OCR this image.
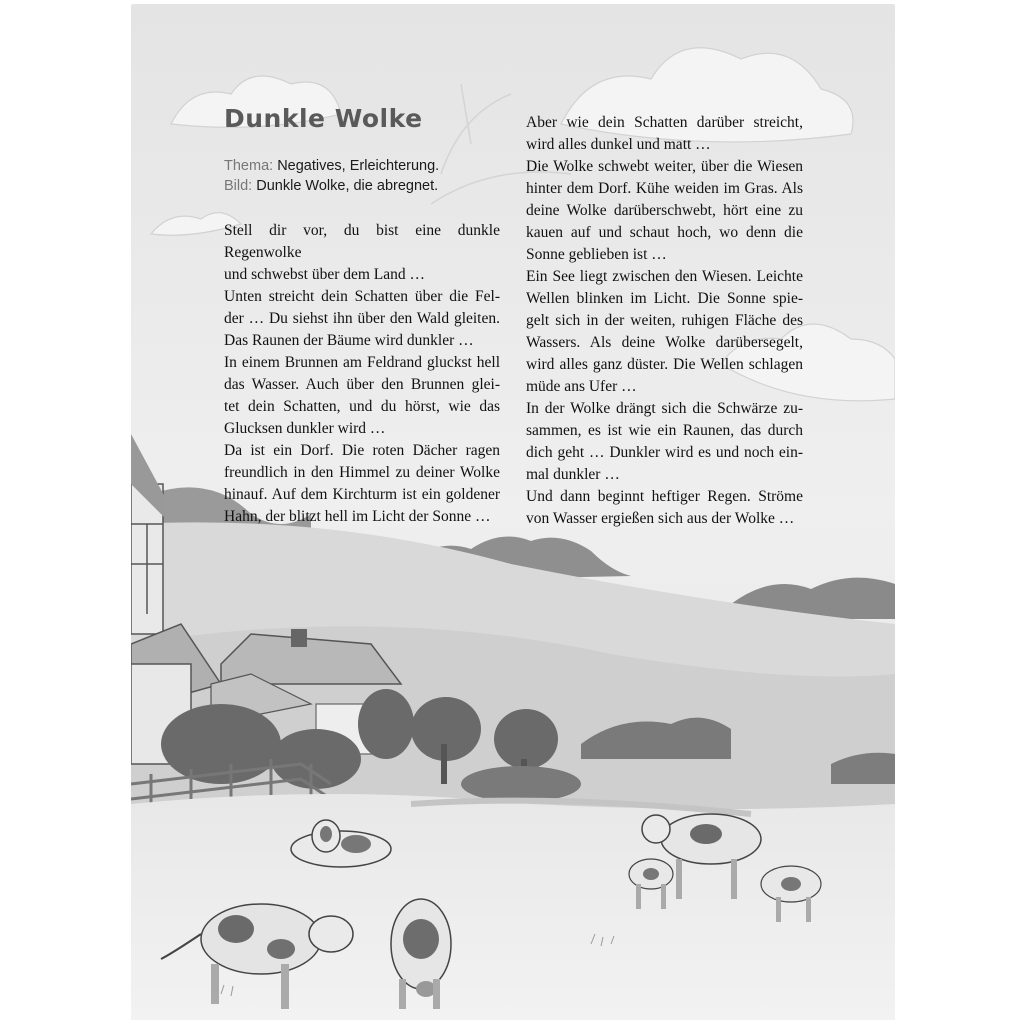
Dunkle Wolke
Thema: Negatives, Erleichterung.
Bild: Dunkle Wolke, die abregnet.
Stell dir vor, du bist eine dunkle Regenwolke
und schwebst über dem Land …
Unten streicht dein Schatten über die Fel-
der … Du siehst ihn über den Wald gleiten.
Das Raunen der Bäume wird dunkler …
In einem Brunnen am Feldrand gluckst hell
das Wasser. Auch über den Brunnen glei-
tet dein Schatten, und du hörst, wie das
Glucksen dunkler wird …
Da ist ein Dorf. Die roten Dächer ragen
freundlich in den Himmel zu deiner Wolke
hinauf. Auf dem Kirchturm ist ein goldener
Hahn, der blitzt hell im Licht der Sonne …
Aber wie dein Schatten darüber streicht,
wird alles dunkel und matt …
Die Wolke schwebt weiter, über die Wiesen
hinter dem Dorf. Kühe weiden im Gras. Als
deine Wolke darüberschwebt, hört eine zu
kauen auf und schaut hoch, wo denn die
Sonne geblieben ist …
Ein See liegt zwischen den Wiesen. Leichte
Wellen blinken im Licht. Die Sonne spie-
gelt sich in der weiten, ruhigen Fläche des
Wassers. Als deine Wolke darübersegelt,
wird alles ganz düster. Die Wellen schlagen
müde ans Ufer …
In der Wolke drängt sich die Schwärze zu-
sammen, es ist wie ein Raunen, das durch
dich geht … Dunkler wird es und noch ein-
mal dunkler …
Und dann beginnt heftiger Regen. Ströme
von Wasser ergießen sich aus der Wolke …
